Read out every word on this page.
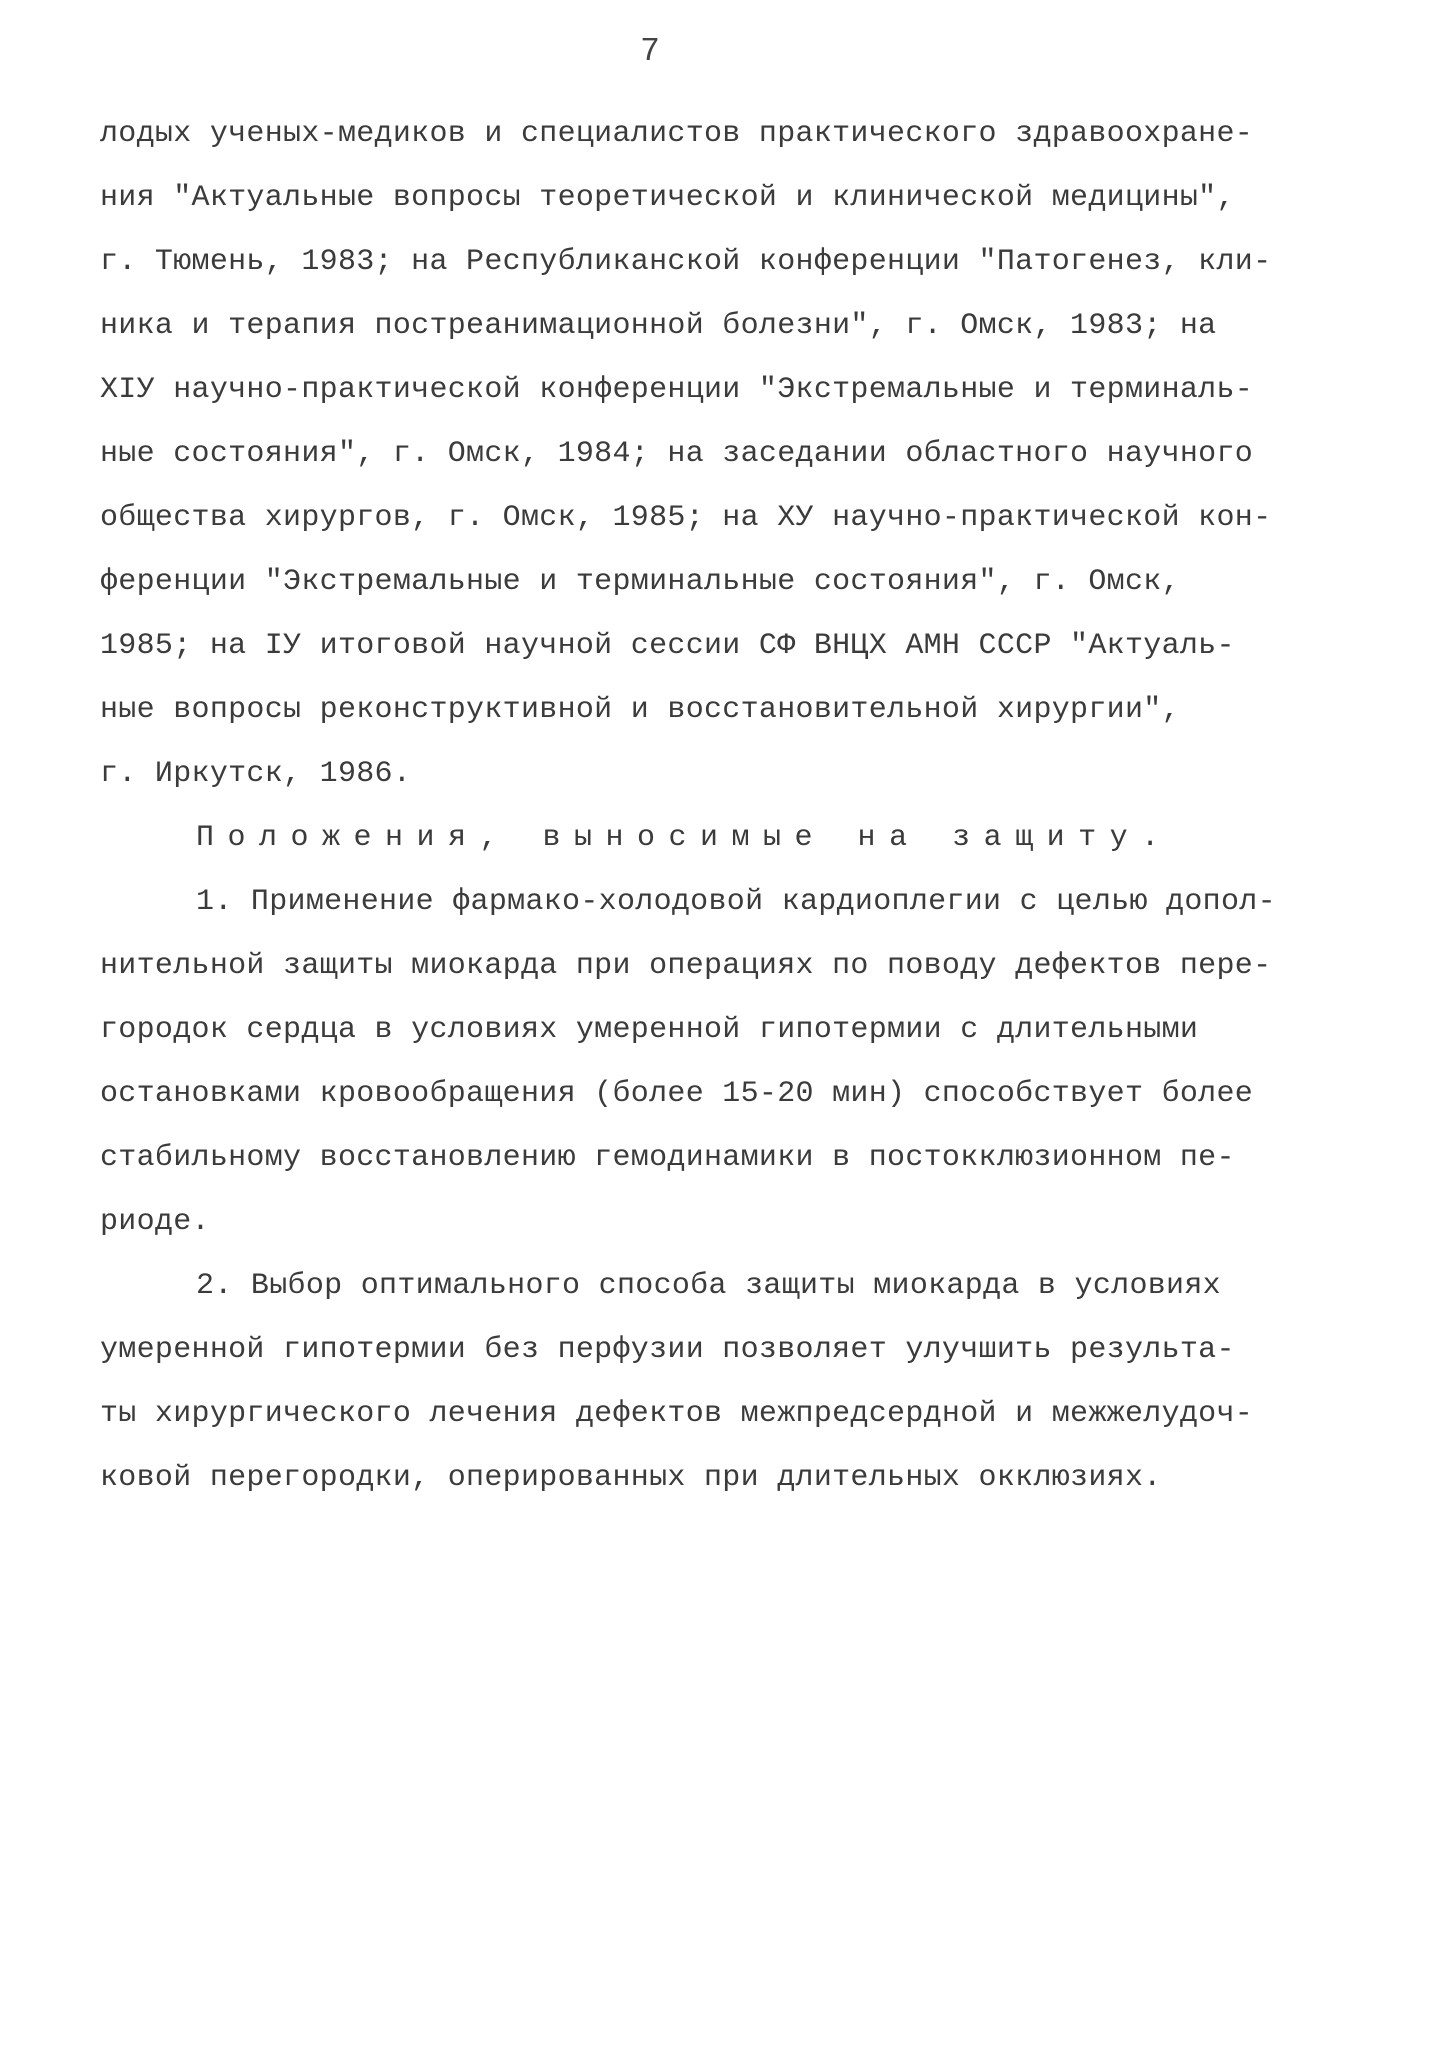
7
лодых ученых-медиков и специалистов практического здравоохране-
ния "Актуальные вопросы теоретической и клинической медицины",
г. Тюмень, 1983; на Республиканской конференции "Патогенез, кли-
ника и терапия постреанимационной болезни", г. Омск, 1983; на
XIУ научно-практической конференции "Экстремальные и терминаль-
ные состояния", г. Омск, 1984; на заседании областного научного
общества хирургов, г. Омск, 1985; на ХУ научно-практической кон-
ференции "Экстремальные и терминальные состояния", г. Омск,
1985; на IУ итоговой научной сессии СФ ВНЦХ АМН СССР "Актуаль-
ные вопросы реконструктивной и восстановительной хирургии",
г. Иркутск, 1986.
Положения, выносимые на защиту.
1. Применение фармако-холодовой кардиоплегии с целью допол-
нительной защиты миокарда при операциях по поводу дефектов пере-
городок сердца в условиях умеренной гипотермии с длительными
остановками кровообращения (более 15-20 мин) способствует более
стабильному восстановлению гемодинамики в постокклюзионном пе-
риоде.
2. Выбор оптимального способа защиты миокарда в условиях
умеренной гипотермии без перфузии позволяет улучшить результа-
ты хирургического лечения дефектов межпредсердной и межжелудоч-
ковой перегородки, оперированных при длительных окклюзиях.
